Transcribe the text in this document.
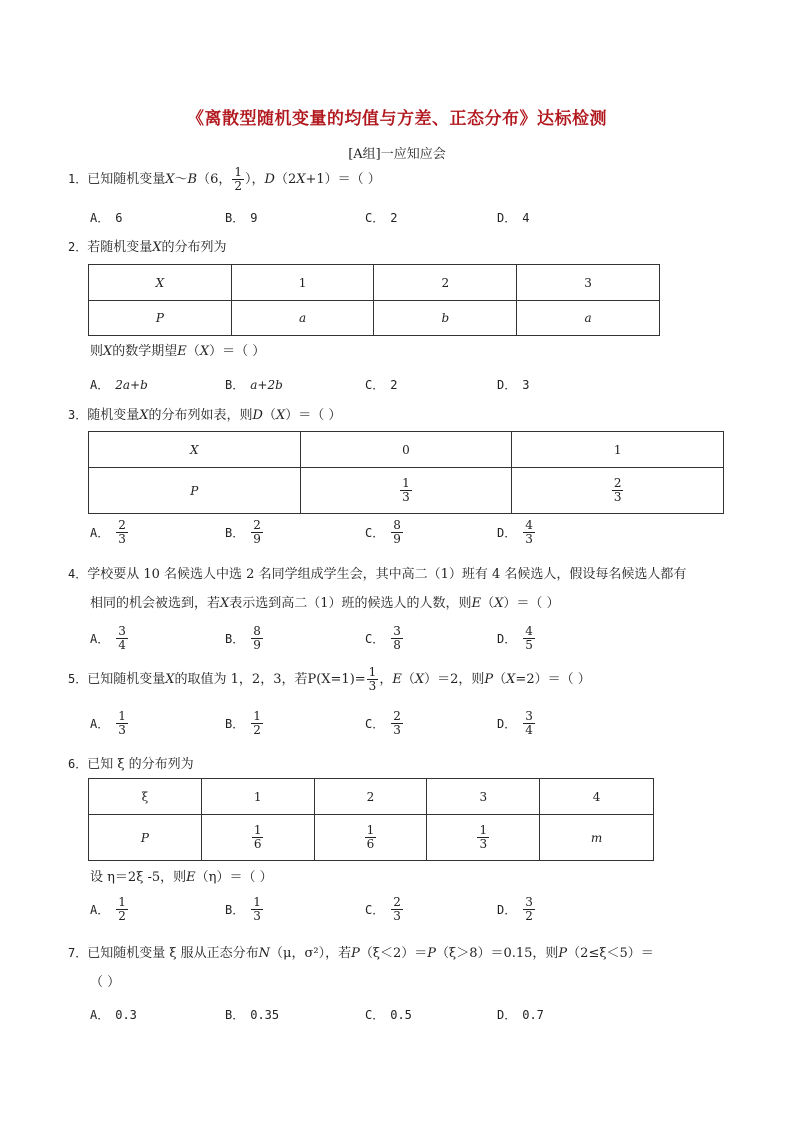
《离散型随机变量的均值与方差、正态分布》达标检测
[A组]一应知应会
1．已知随机变量X～B（6， $\frac{1}{2}$ ），D（2X+1）＝（ ）
A． 6	B． 9	C． 2	D． 4
2．若随机变量X的分布列为
X	1	2	3
P	a	b	a
则X的数学期望E（X）＝（ ）
A． 2a+b	B． a+2b	C． 2	D． 3
3．随机变量X的分布列如表，则D（X）＝（ ）
X	0	1
P	$\frac{1}{3}$	$\frac{2}{3}$
A． $\frac{2}{3}$	B． $\frac{2}{9}$	C． $\frac{8}{9}$	D． $\frac{4}{3}$
4．学校要从 10 名候选人中选 2 名同学组成学生会，其中高二（1）班有 4 名候选人，假设每名候选人都有
相同的机会被选到，若X表示选到高二（1）班的候选人的人数，则E（X）＝（ ）
A． $\frac{3}{4}$	B． $\frac{8}{9}$	C． $\frac{3}{8}$	D． $\frac{4}{5}$
5．已知随机变量X的取值为 1，2，3，若$P(X=1)= \frac{1}{3}$ ，E（X）＝2，则P（X=2）＝（ ）
A． $\frac{1}{3}$	B． $\frac{1}{2}$	C． $\frac{2}{3}$	D． $\frac{3}{4}$
6．已知 ξ 的分布列为
ξ	1	2	3	4
P	$\frac{1}{6}$	$\frac{1}{6}$	$\frac{1}{3}$	m
设 η＝2ξ -5，则E（η）＝（ ）
A． $\frac{1}{2}$	B． $\frac{1}{3}$	C． $\frac{2}{3}$	D． $\frac{3}{2}$
7．已知随机变量 ξ 服从正态分布N（μ，σ²），若P（ξ＜2）＝P（ξ＞8）＝0.15，则P（2≤ξ＜5）＝
（ ）
A． 0.3	B． 0.35	C． 0.5	D． 0.7
